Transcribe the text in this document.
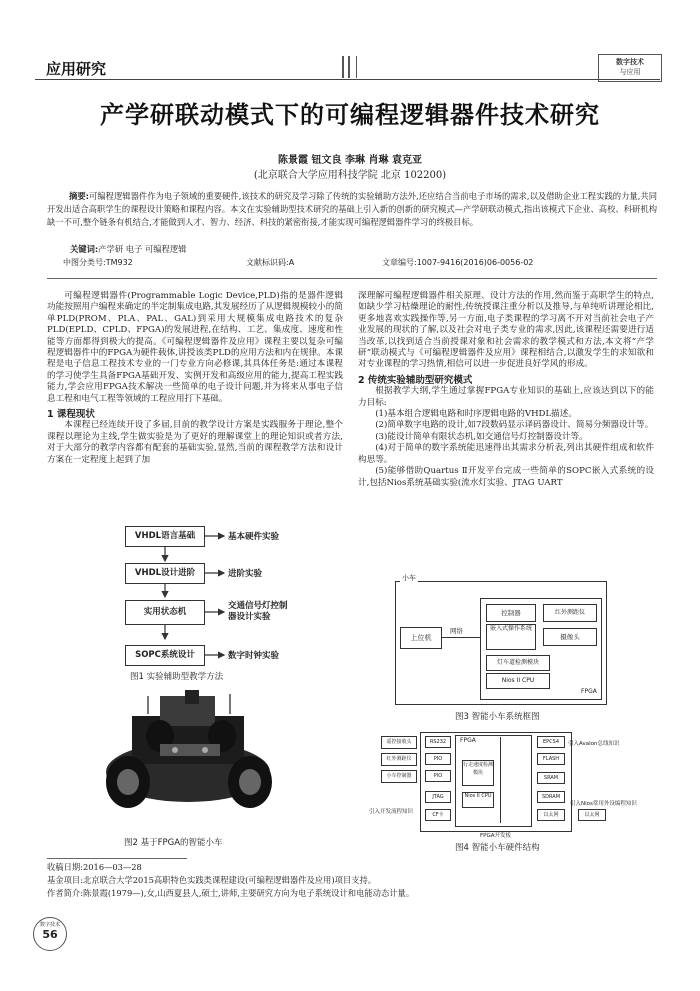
应用研究	数字技术
与应用
产学研联动模式下的可编程逻辑器件技术研究
陈景霞 钮文良 李琳 肖琳 袁克亚
(北京联合大学应用科技学院 北京 102200)
摘要:可编程逻辑器件作为电子领域的重要硬件,该技术的研究及学习除了传统的实验辅助方法外,还应结合当前电子市场的需求,以及借助企业工程实践的力量,共同开发出适合高职学生的课程设计策略和课程内容。本文在实验辅助型技术研究的基础上引入新的创新的研究模式—产学研联动模式,指出该模式下企业、高校、科研机构缺一不可,整个链条有机结合,才能做到人才、智力、经济、科技的紧密衔接,才能实现可编程逻辑器件学习的终极目标。
关键词:产学研 电子 可编程逻辑
中图分类号:TM932	文献标识码:A	文章编号:1007-9416(2016)06-0056-02

可编程逻辑器件(Programmable Logic Device,PLD)指的是器件逻辑功能按照用户编程来确定的半定制集成电路,其发展经历了从逻辑规模较小的简单PLD(PROM、PLA、PAL、GAL)到采用大规模集成电路技术的复杂PLD(EPLD、CPLD、FPGA)的发展进程,在结构、工艺、集成度、速度和性能等方面都得到极大的提高。《可编程逻辑器件及应用》课程主要以复杂可编程逻辑器件中的FPGA为硬件载体,讲授该类PLD的应用方法和内在规律。本课程是电子信息工程技术专业的一门专业方向必修课,其具体任务是:通过本课程的学习使学生具备FPGA基础开发、实例开发和高级应用的能力,提高工程实践能力,学会应用FPGA技术解决一些简单的电子设计问题,并为将来从事电子信息工程和电气工程等领域的工程应用打下基础。

1 课程现状

本课程已经连续开设了多届,目前的教学设计方案是实践服务于理论,整个课程以理论为主线,学生做实验是为了更好的理解课堂上的理论知识或者方法,对于大部分的教学内容都有配套的基础实验,显然,当前的课程教学方法和设计方案在一定程度上起到了加

VHDL语言基础
VHDL设计进阶
实用状态机
SOPC系统设计
基本硬件实验
进阶实验
交通信号灯控制器设计实验
数字时钟实验
图1 实验辅助型教学方法
图2 基于FPGA的智能小车
深理解可编程逻辑器件相关原理、设计方法的作用,然而鉴于高职学生的特点,如缺少学习枯燥理论的耐性,传统授课注重分析以及推导,与单纯听讲理论相比,更多地喜欢实践操作等,另一方面,电子类课程的学习离不开对当前社会电子产业发展的现状的了解,以及社会对电子类专业的需求,因此,该课程还需要进行适当改革,以找到适合当前授课对象和社会需求的教学模式和方法,本文将“产学研”联动模式与《可编程逻辑器件及应用》课程相结合,以激发学生的求知欲和对专业课程的学习热情,相信可以进一步促进良好学风的形成。
2 传统实验辅助型研究模式

根据教学大纲,学生通过掌握FPGA专业知识的基础上,应该达到以下的能力目标:

(1)基本组合逻辑电路和时序逻辑电路的VHDL描述。

(2)简单数字电路的设计,如7段数码显示译码器设计、简易分频器设计等。

(3)能设计简单有限状态机,如交通信号灯控制器设计等。

(4)对于简单的数字系统能迅速得出其需求分析表,列出其硬件组成和软件构思等。

(5)能够借助Quartus Ⅱ开发平台完成一些简单的SOPC嵌入式系统的设计,包括Nios系统基础实验(流水灯实验、JTAG UART

小车
FPGA
上位机
网络
控制器	红外测距仪
嵌入式操作系统
摄像头
灯车道检测模块
Nios II CPU
图3 智能小车系统框图
FPGA开发板
FPGA
遥控接收头
红外测距仪
小车控制器
RS232
PIO
PIO
JTAG
CF卡
行走速度检测模块
Nios II CPU
EPCS4
FLASH
SRAM
SDRAM
以太网	以太网
引入Avalon总线知识
引入Nios常用外设编程知识
引入开发流程知识
图4 智能小车硬件结构
收稿日期:2016—03—28
基金项目:北京联合大学2015高职特色实践类课程建设(可编程逻辑器件及应用)项目支持。
作者简介:陈景霞(1979—),女,山西夏县人,硕士,讲师,主要研究方向为电子系统设计和电能动态计量。
数字技术
56
